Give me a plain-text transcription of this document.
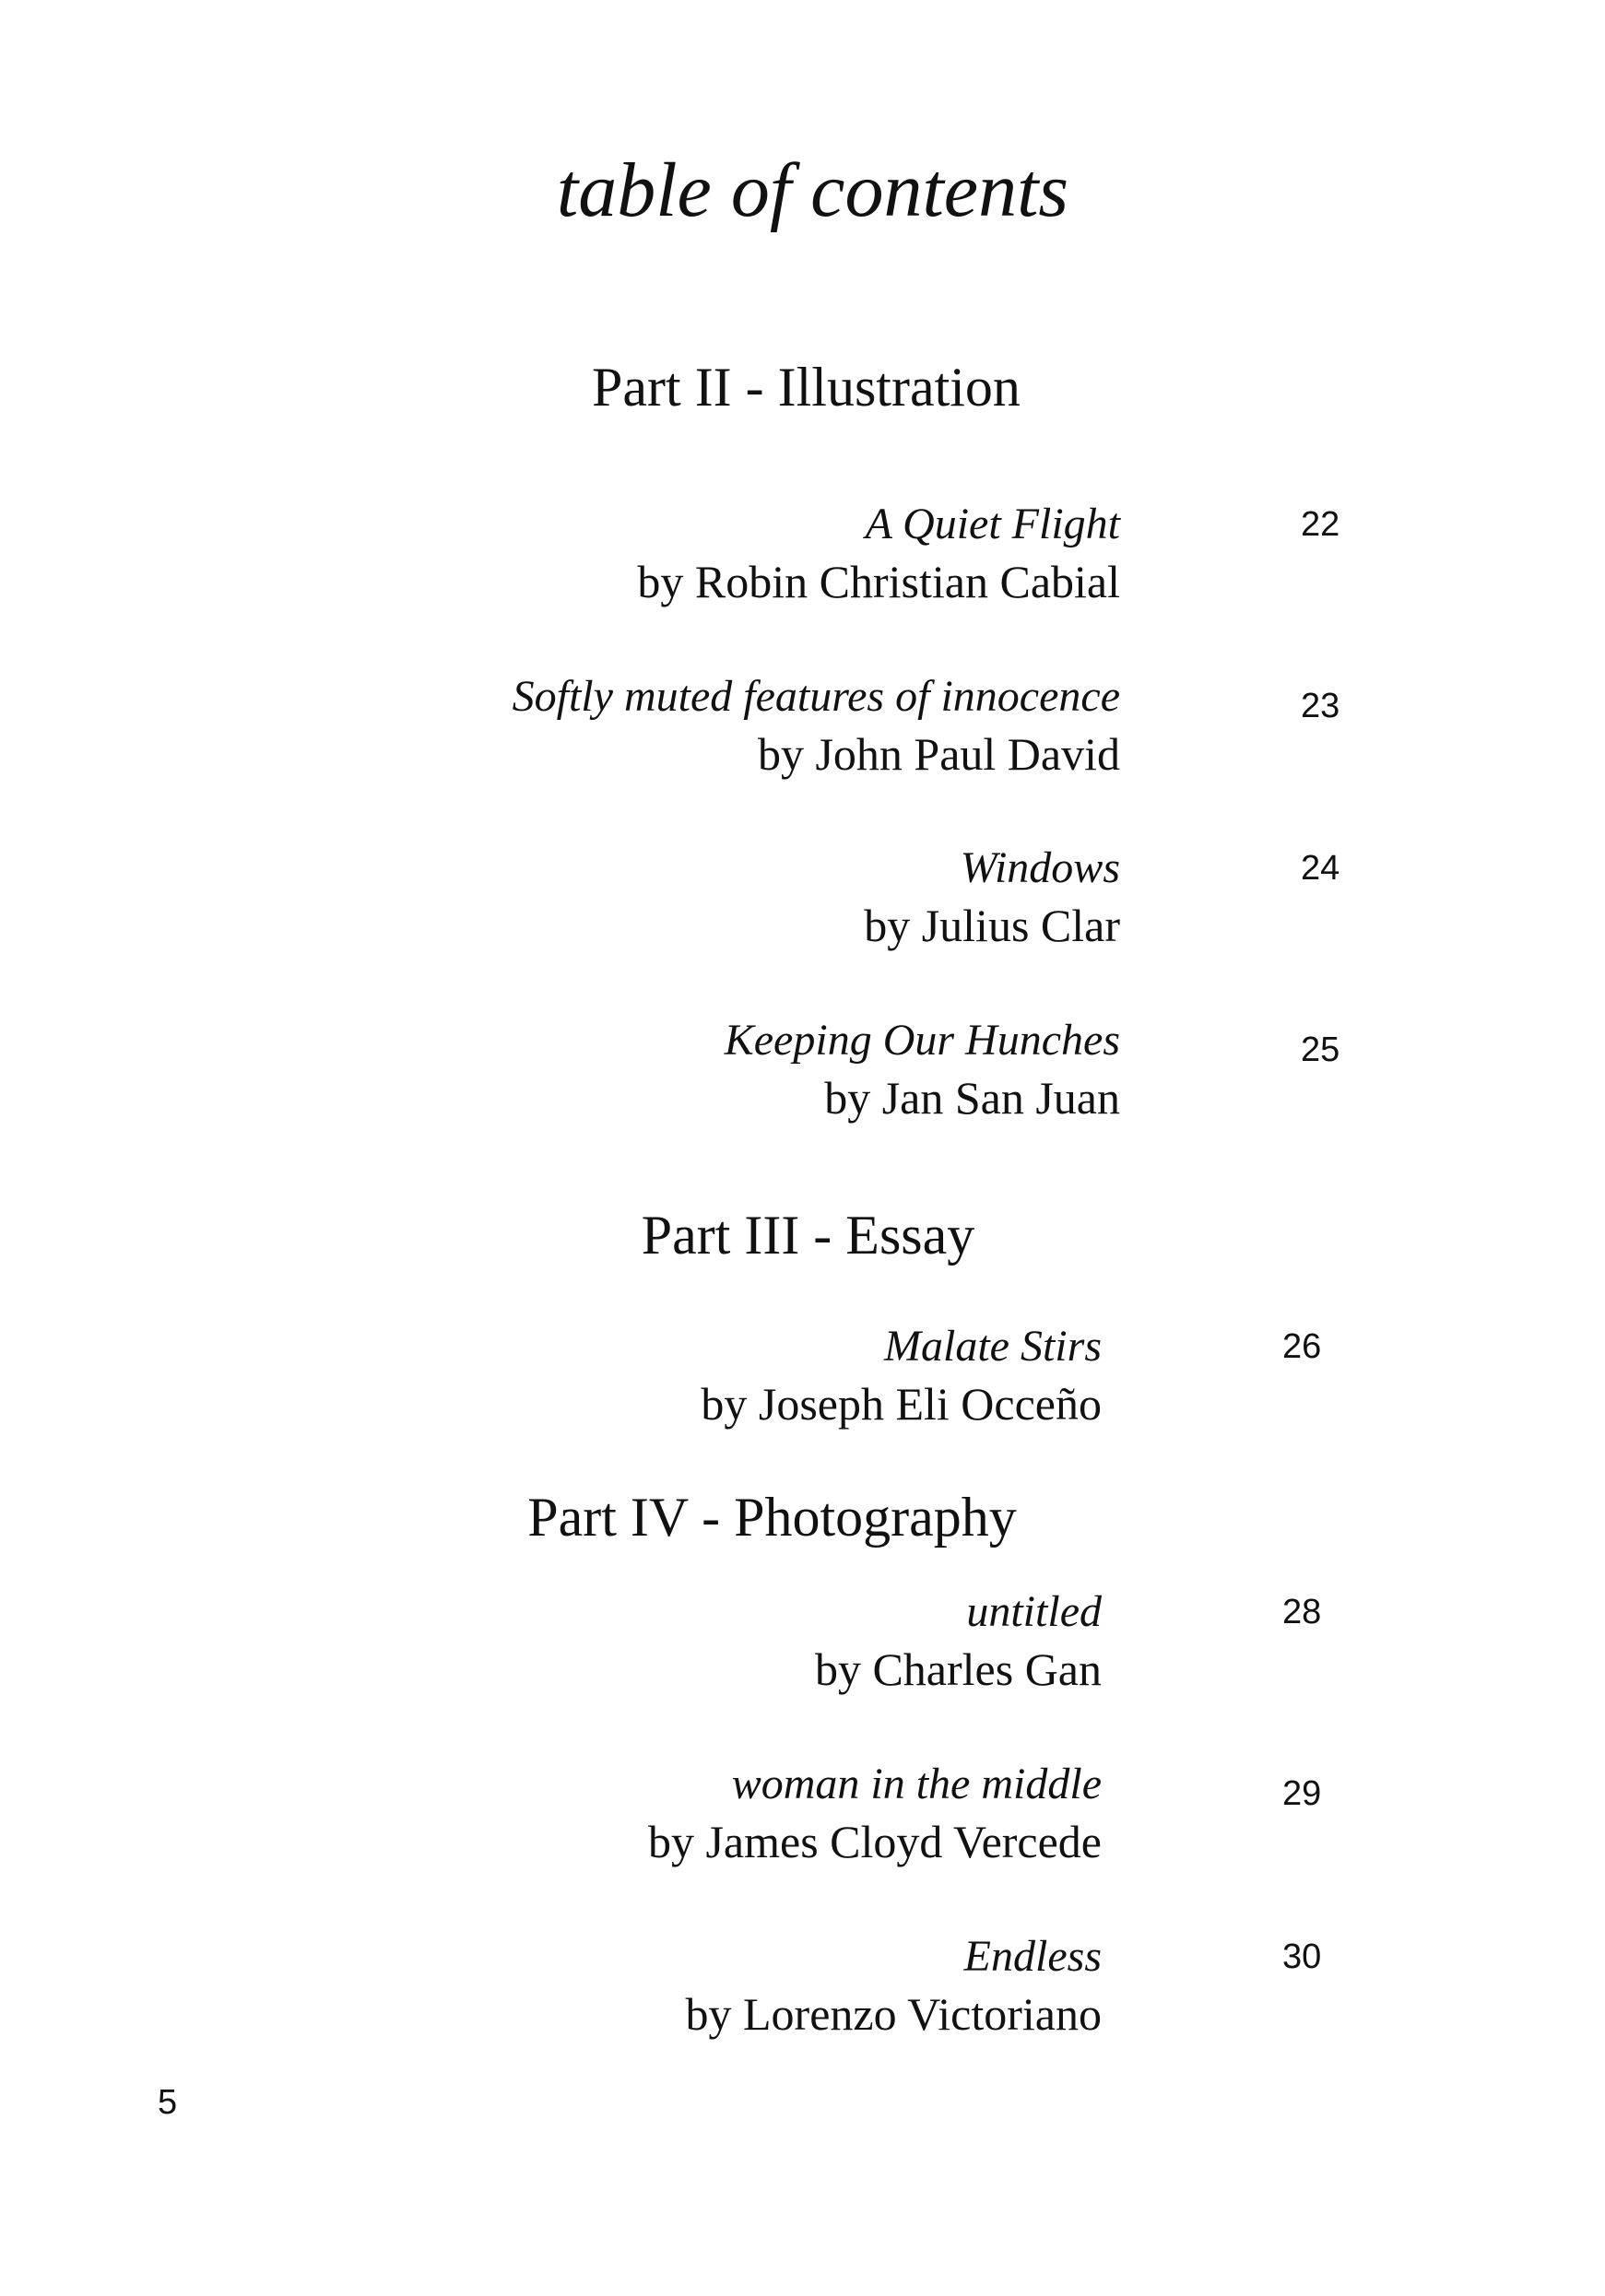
table of contents
Part II - Illustration
A Quiet Flight
by Robin Christian Cabial
22
Softly muted features of innocence
by John Paul David
23
Windows
by Julius Clar
24
Keeping Our Hunches
by Jan San Juan
25
Part III - Essay
Malate Stirs
by Joseph Eli Occeño
26
Part IV - Photography
untitled
by Charles Gan
28
woman in the middle
by James Cloyd Vercede
29
Endless
by Lorenzo Victoriano
30
5
